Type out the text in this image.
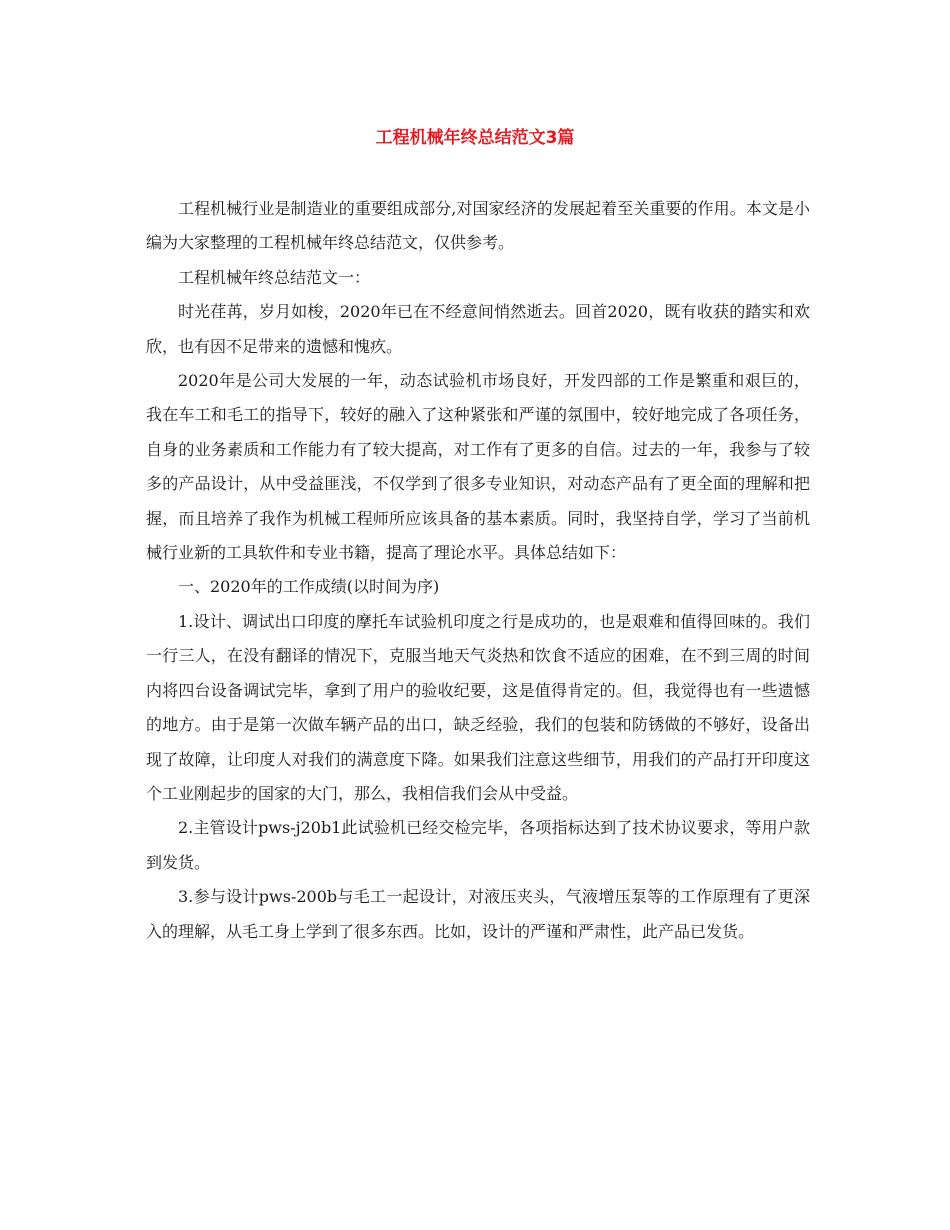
工程机械年终总结范文3篇

工程机械行业是制造业的重要组成部分,对国家经济的发展起着至关重要的作用。本文是小编为大家整理的工程机械年终总结范文，仅供参考。

工程机械年终总结范文一：

时光荏苒，岁月如梭，2020年已在不经意间悄然逝去。回首2020，既有收获的踏实和欢欣，也有因不足带来的遗憾和愧疚。

2020年是公司大发展的一年，动态试验机市场良好，开发四部的工作是繁重和艰巨的，我在车工和毛工的指导下，较好的融入了这种紧张和严谨的氛围中，较好地完成了各项任务，自身的业务素质和工作能力有了较大提高，对工作有了更多的自信。过去的一年，我参与了较多的产品设计，从中受益匪浅，不仅学到了很多专业知识，对动态产品有了更全面的理解和把握，而且培养了我作为机械工程师所应该具备的基本素质。同时，我坚持自学，学习了当前机械行业新的工具软件和专业书籍，提高了理论水平。具体总结如下：

一、2020年的工作成绩(以时间为序)

1.设计、调试出口印度的摩托车试验机印度之行是成功的，也是艰难和值得回味的。我们一行三人，在没有翻译的情况下，克服当地天气炎热和饮食不适应的困难，在不到三周的时间内将四台设备调试完毕，拿到了用户的验收纪要，这是值得肯定的。但，我觉得也有一些遗憾的地方。由于是第一次做车辆产品的出口，缺乏经验，我们的包装和防锈做的不够好，设备出现了故障，让印度人对我们的满意度下降。如果我们注意这些细节，用我们的产品打开印度这个工业刚起步的国家的大门，那么，我相信我们会从中受益。

2.主管设计pws-j20b1此试验机已经交检完毕，各项指标达到了技术协议要求，等用户款到发货。

3.参与设计pws-200b与毛工一起设计，对液压夹头，气液增压泵等的工作原理有了更深入的理解，从毛工身上学到了很多东西。比如，设计的严谨和严肃性，此产品已发货。
